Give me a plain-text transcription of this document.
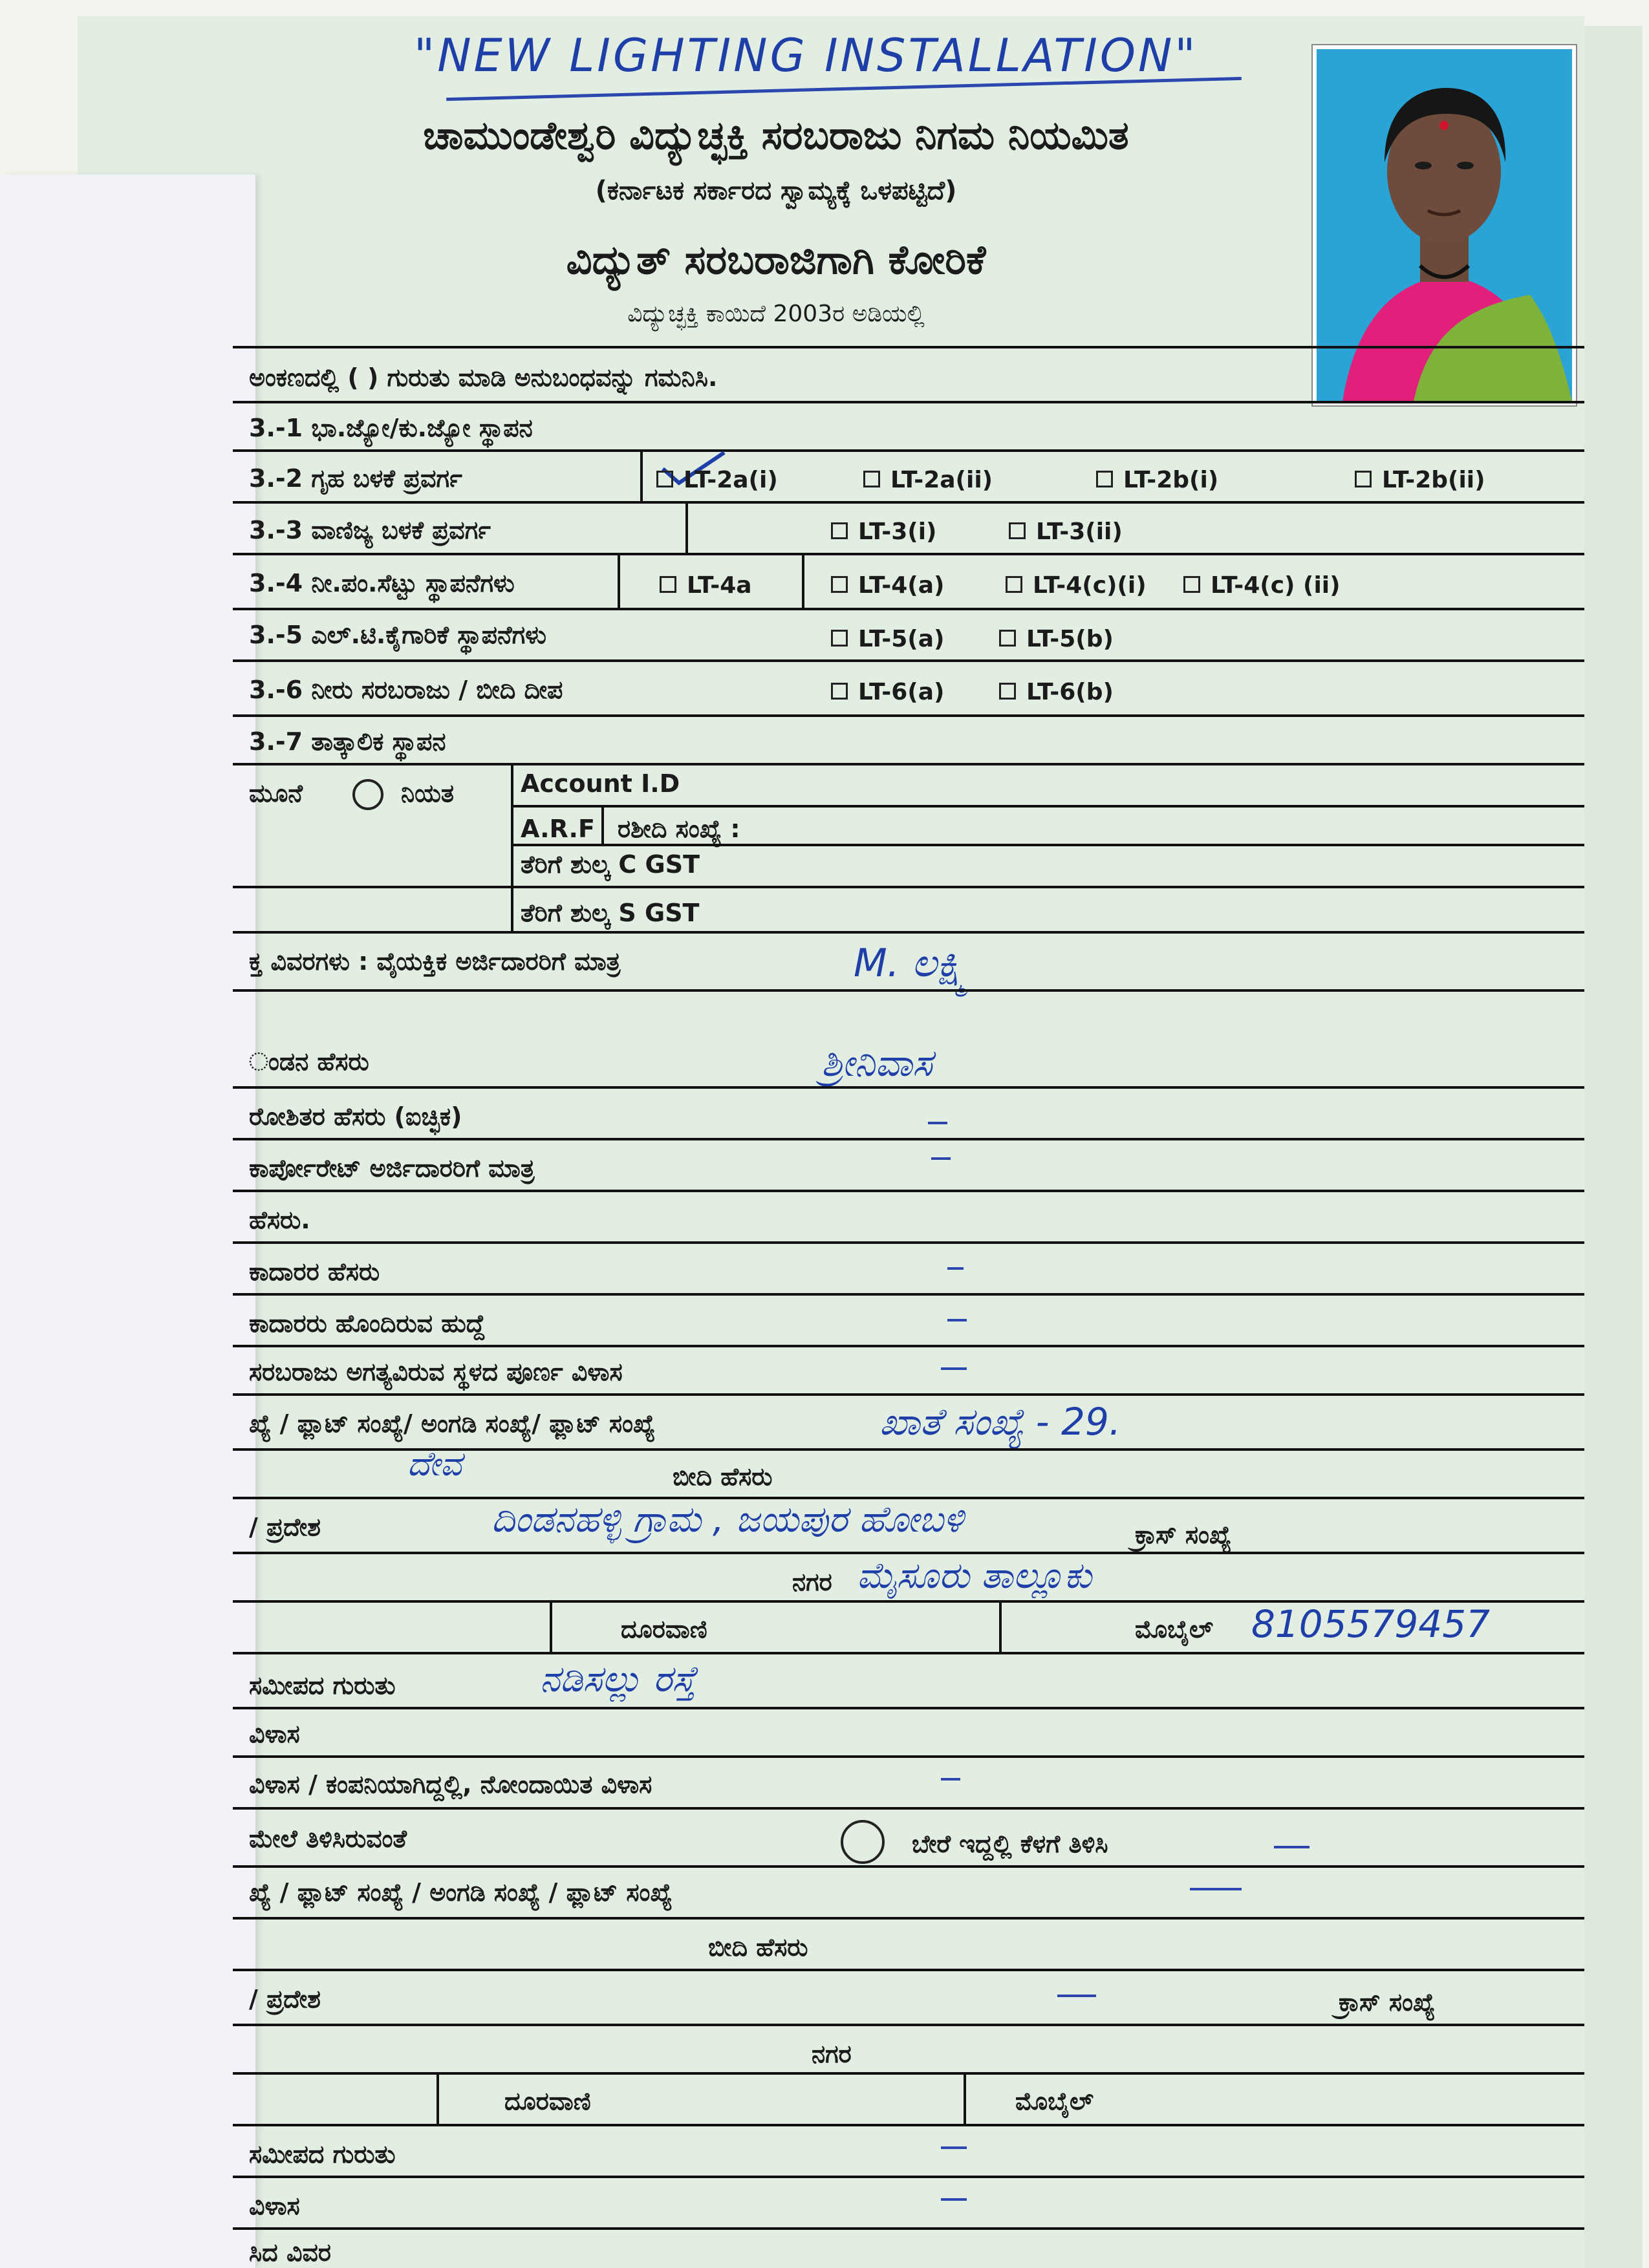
"NEW LIGHTING INSTALLATION"
ಚಾಮುಂಡೇಶ್ವರಿ ವಿದ್ಯುಚ್ಛಕ್ತಿ ಸರಬರಾಜು ನಿಗಮ ನಿಯಮಿತ
(ಕರ್ನಾಟಕ ಸರ್ಕಾರದ ಸ್ವಾಮ್ಯಕ್ಕೆ ಒಳಪಟ್ಟಿದೆ)
ವಿದ್ಯುತ್ ಸರಬರಾಜಿಗಾಗಿ ಕೋರಿಕೆ
ವಿದ್ಯುಚ್ಛಕ್ತಿ ಕಾಯಿದೆ 2003ರ ಅಡಿಯಲ್ಲಿ
ಅಂಕಣದಲ್ಲಿ ( ) ಗುರುತು ಮಾಡಿ ಅನುಬಂಧವನ್ನು ಗಮನಿಸಿ.
3.-1 ಭಾ.ಜ್ಯೋ/ಕು.ಜ್ಯೋ ಸ್ಥಾಪನ
3.-2 ಗೃಹ ಬಳಕೆ ಪ್ರವರ್ಗ	LT-2a(i)	LT-2a(ii)	LT-2b(i)	LT-2b(ii)
3.-3 ವಾಣಿಜ್ಯ ಬಳಕೆ ಪ್ರವರ್ಗ	LT-3(i)	LT-3(ii)
3.-4 ನೀ.ಪಂ.ಸೆಟ್ಟು ಸ್ಥಾಪನೆಗಳು	LT-4a	LT-4(a)	LT-4(c)(i)	LT-4(c) (ii)
3.-5 ಎಲ್.ಟಿ.ಕೈಗಾರಿಕೆ ಸ್ಥಾಪನೆಗಳು	LT-5(a)	LT-5(b)
3.-6 ನೀರು ಸರಬರಾಜು / ಬೀದಿ ದೀಪ	LT-6(a)	LT-6(b)
3.-7 ತಾತ್ಕಾಲಿಕ ಸ್ಥಾಪನ
ಮೂನೆ	ನಿಯತ	Account I.D
A.R.F ರಶೀದಿ ಸಂಖ್ಯೆ :
ತೆರಿಗೆ ಶುಲ್ಕ C GST
ತೆರಿಗೆ ಶುಲ್ಕ S GST
ಕ್ತ ವಿವರಗಳು : ವೈಯಕ್ತಿಕ ಅರ್ಜಿದಾರರಿಗೆ ಮಾತ್ರ	M. ಲಕ್ಷ್ಮಿ
ಂಡನ ಹೆಸರು	ಶ್ರೀನಿವಾಸ
ರೋಶಿತರ ಹೆಸರು (ಐಚ್ಛಿಕ)
ಕಾರ್ಪೋರೇಟ್ ಅರ್ಜಿದಾರರಿಗೆ ಮಾತ್ರ
ಹೆಸರು.
ಕಾದಾರರ ಹೆಸರು
ಕಾದಾರರು ಹೊಂದಿರುವ ಹುದ್ದೆ
ಸರಬರಾಜು ಅಗತ್ಯವಿರುವ ಸ್ಥಳದ ಪೂರ್ಣ ವಿಳಾಸ
ಖ್ಯೆ / ಫ್ಲಾಟ್ ಸಂಖ್ಯೆ/ ಅಂಗಡಿ ಸಂಖ್ಯೆ/ ಫ್ಲಾಟ್ ಸಂಖ್ಯೆ	ಖಾತೆ ಸಂಖ್ಯೆ - 29.
ದೇವ	ಬೀದಿ ಹೆಸರು
/ ಪ್ರದೇಶ	ದಿಂಡನಹಳ್ಳಿ ಗ್ರಾಮ , ಜಯಪುರ ಹೋಬಳಿ	ಕ್ರಾಸ್ ಸಂಖ್ಯೆ
ನಗರ ಮೈಸೂರು ತಾಲ್ಲೂಕು
ದೂರವಾಣಿ	ಮೊಬೈಲ್ 8105579457
ಸಮೀಪದ ಗುರುತು	ನಡಿಸಲ್ಲು ರಸ್ತೆ
ವಿಳಾಸ
ವಿಳಾಸ / ಕಂಪನಿಯಾಗಿದ್ದಲ್ಲಿ, ನೋಂದಾಯಿತ ವಿಳಾಸ
ಮೇಲೆ ತಿಳಿಸಿರುವಂತೆ	ಬೇರೆ ಇದ್ದಲ್ಲಿ ಕೆಳಗೆ ತಿಳಿಸಿ
ಖ್ಯೆ / ಫ್ಲಾಟ್ ಸಂಖ್ಯೆ / ಅಂಗಡಿ ಸಂಖ್ಯೆ / ಫ್ಲಾಟ್ ಸಂಖ್ಯೆ
ಬೀದಿ ಹೆಸರು
/ ಪ್ರದೇಶ	ಕ್ರಾಸ್ ಸಂಖ್ಯೆ
ನಗರ
ದೂರವಾಣಿ	ಮೊಬೈಲ್
ಸಮೀಪದ ಗುರುತು
ವಿಳಾಸ
ಸಿದ ವಿವರ
